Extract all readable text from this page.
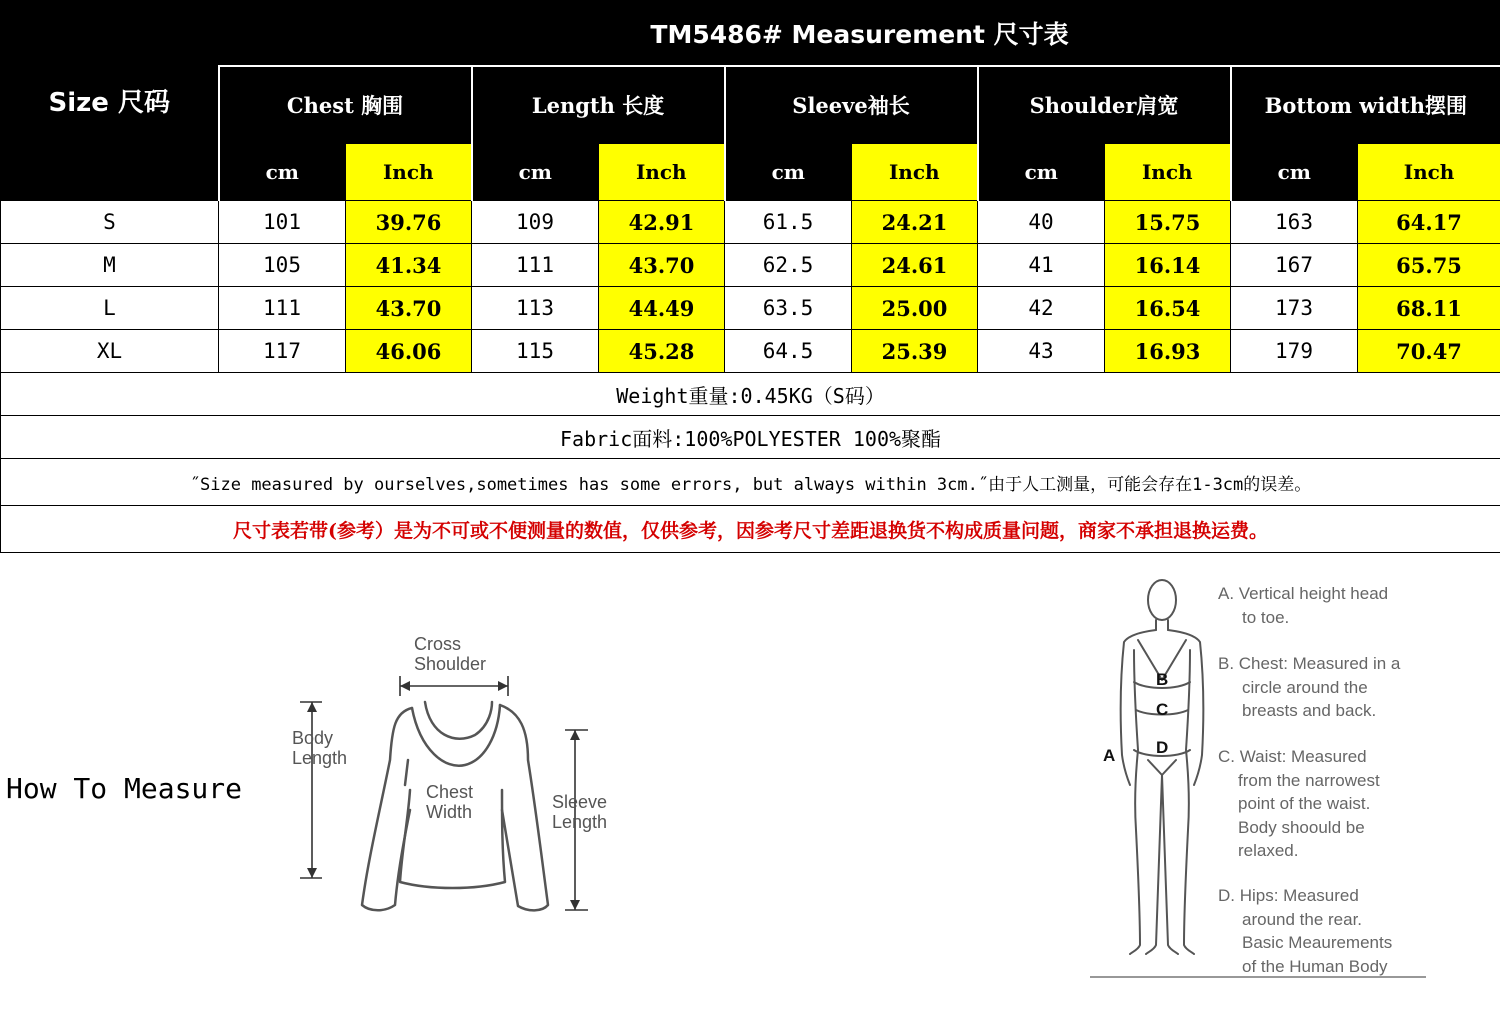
Size 尺码	TM5486# Measurement 尺寸表									
	Chest 胸围		Length 长度		Sleeve袖长		Shoulder肩宽		Bottom width摆围	
	cm	Inch	cm	Inch	cm	Inch	cm	Inch	cm	Inch
S	101	39.76	109	42.91	61.5	24.21	40	15.75	163	64.17
M	105	41.34	111	43.70	62.5	24.61	41	16.14	167	65.75
L	111	43.70	113	44.49	63.5	25.00	42	16.54	173	68.11
XL	117	46.06	115	45.28	64.5	25.39	43	16.93	179	70.47
Weight重量:0.45KG（S码）										
Fabric面料:100%POLYESTER 100%聚酯										
˝Size measured by ourselves,sometimes has some errors, but always within 3cm.˝由于人工测量，可能会存在1-3cm的误差。										
尺寸表若带(参考）是为不可或不便测量的数值，仅供参考，因参考尺寸差距退换货不构成质量问题，商家不承担退换运费。										
How To Measure
Cross
Shoulder
Body
Length
Chest
Width	Sleeve
Length
B
C
D
A
A. Vertical height head
to toe.
B. Chest: Measured in a
circle around the
breasts and back.
C. Waist: Measured
from the narrowest
point of the waist.
Body shoould be
relaxed.
D. Hips: Measured
around the rear.
Basic Meaurements
of the Human Body
